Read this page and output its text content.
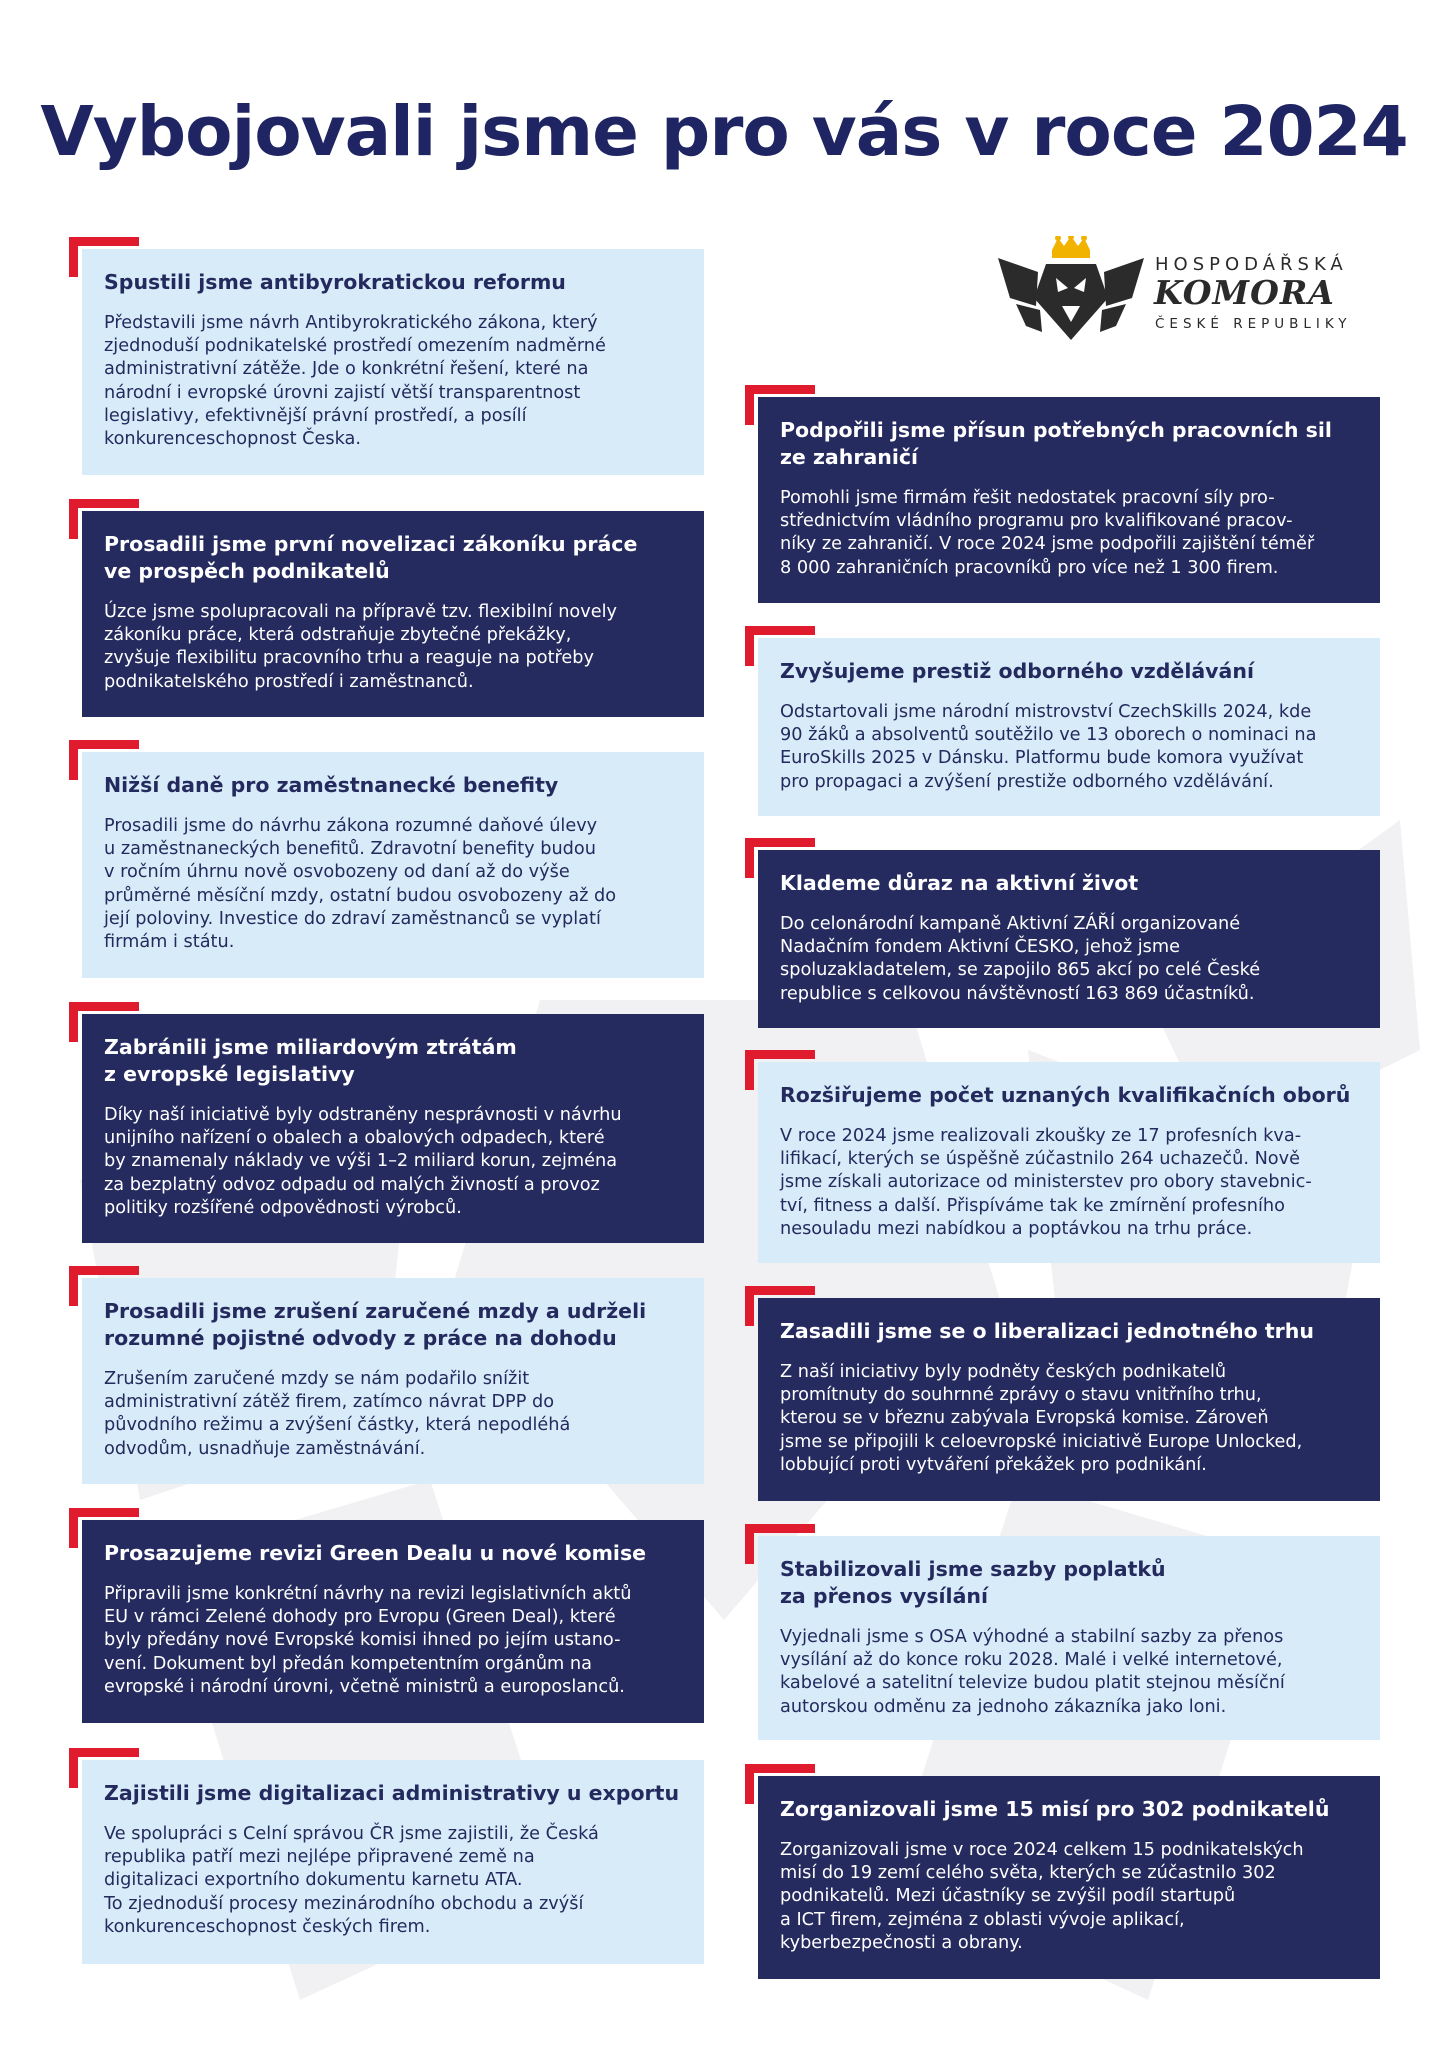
Vybojovali jsme pro vás v roce 2024
HOSPODÁŘSKÁ
KOMORA
ČESKÉ REPUBLIKY
Spustili jsme antibyrokratickou reformu

Představili jsme návrh Antibyrokratického zákona, který
zjednoduší podnikatelské prostředí omezením nadměrné
administrativní zátěže. Jde o konkrétní řešení, které na
národní i evropské úrovni zajistí větší transparentnost
legislativy, efektivnější právní prostředí, a posílí
konkurenceschopnost Česka.

Prosadili jsme první novelizaci zákoníku práce
ve prospěch podnikatelů

Úzce jsme spolupracovali na přípravě tzv. flexibilní novely
zákoníku práce, která odstraňuje zbytečné překážky,
zvyšuje flexibilitu pracovního trhu a reaguje na potřeby
podnikatelského prostředí i zaměstnanců.

Nižší daně pro zaměstnanecké benefity

Prosadili jsme do návrhu zákona rozumné daňové úlevy
u zaměstnaneckých benefitů. Zdravotní benefity budou
v ročním úhrnu nově osvobozeny od daní až do výše
průměrné měsíční mzdy, ostatní budou osvobozeny až do
její poloviny. Investice do zdraví zaměstnanců se vyplatí
firmám i státu.

Zabránili jsme miliardovým ztrátám
z evropské legislativy

Díky naší iniciativě byly odstraněny nesprávnosti v návrhu
unijního nařízení o obalech a obalových odpadech, které
by znamenaly náklady ve výši 1–2 miliard korun, zejména
za bezplatný odvoz odpadu od malých živností a provoz
politiky rozšířené odpovědnosti výrobců.

Prosadili jsme zrušení zaručené mzdy a udrželi
rozumné pojistné odvody z práce na dohodu

Zrušením zaručené mzdy se nám podařilo snížit
administrativní zátěž firem, zatímco návrat DPP do
původního režimu a zvýšení částky, která nepodléhá
odvodům, usnadňuje zaměstnávání.

Prosazujeme revizi Green Dealu u nové komise

Připravili jsme konkrétní návrhy na revizi legislativních aktů
EU v rámci Zelené dohody pro Evropu (Green Deal), které
byly předány nové Evropské komisi ihned po jejím ustano-
vení. Dokument byl předán kompetentním orgánům na
evropské i národní úrovni, včetně ministrů a europoslanců.

Zajistili jsme digitalizaci administrativy u exportu

Ve spolupráci s Celní správou ČR jsme zajistili, že Česká
republika patří mezi nejlépe připravené země na
digitalizaci exportního dokumentu karnetu ATA.
To zjednoduší procesy mezinárodního obchodu a zvýší
konkurenceschopnost českých firem.

Podpořili jsme přísun potřebných pracovních sil
ze zahraničí

Pomohli jsme firmám řešit nedostatek pracovní síly pro-
střednictvím vládního programu pro kvalifikované pracov-
níky ze zahraničí. V roce 2024 jsme podpořili zajištění téměř
8 000 zahraničních pracovníků pro více než 1 300 firem.

Zvyšujeme prestiž odborného vzdělávání

Odstartovali jsme národní mistrovství CzechSkills 2024, kde
90 žáků a absolventů soutěžilo ve 13 oborech o nominaci na
EuroSkills 2025 v Dánsku. Platformu bude komora využívat
pro propagaci a zvýšení prestiže odborného vzdělávání.

Klademe důraz na aktivní život

Do celonárodní kampaně Aktivní ZÁŘÍ organizované
Nadačním fondem Aktivní ČESKO, jehož jsme
spoluzakladatelem, se zapojilo 865 akcí po celé České
republice s celkovou návštěvností 163 869 účastníků.

Rozšiřujeme počet uznaných kvalifikačních oborů

V roce 2024 jsme realizovali zkoušky ze 17 profesních kva-
lifikací, kterých se úspěšně zúčastnilo 264 uchazečů. Nově
jsme získali autorizace od ministerstev pro obory stavebnic-
tví, fitness a další. Přispíváme tak ke zmírnění profesního
nesouladu mezi nabídkou a poptávkou na trhu práce.

Zasadili jsme se o liberalizaci jednotného trhu

Z naší iniciativy byly podněty českých podnikatelů
promítnuty do souhrnné zprávy o stavu vnitřního trhu,
kterou se v březnu zabývala Evropská komise. Zároveň
jsme se připojili k celoevropské iniciativě Europe Unlocked,
lobbující proti vytváření překážek pro podnikání.

Stabilizovali jsme sazby poplatků
za přenos vysílání

Vyjednali jsme s OSA výhodné a stabilní sazby za přenos
vysílání až do konce roku 2028. Malé i velké internetové,
kabelové a satelitní televize budou platit stejnou měsíční
autorskou odměnu za jednoho zákazníka jako loni.

Zorganizovali jsme 15 misí pro 302 podnikatelů

Zorganizovali jsme v roce 2024 celkem 15 podnikatelských
misí do 19 zemí celého světa, kterých se zúčastnilo 302
podnikatelů. Mezi účastníky se zvýšil podíl startupů
a ICT firem, zejména z oblasti vývoje aplikací,
kyberbezpečnosti a obrany.
